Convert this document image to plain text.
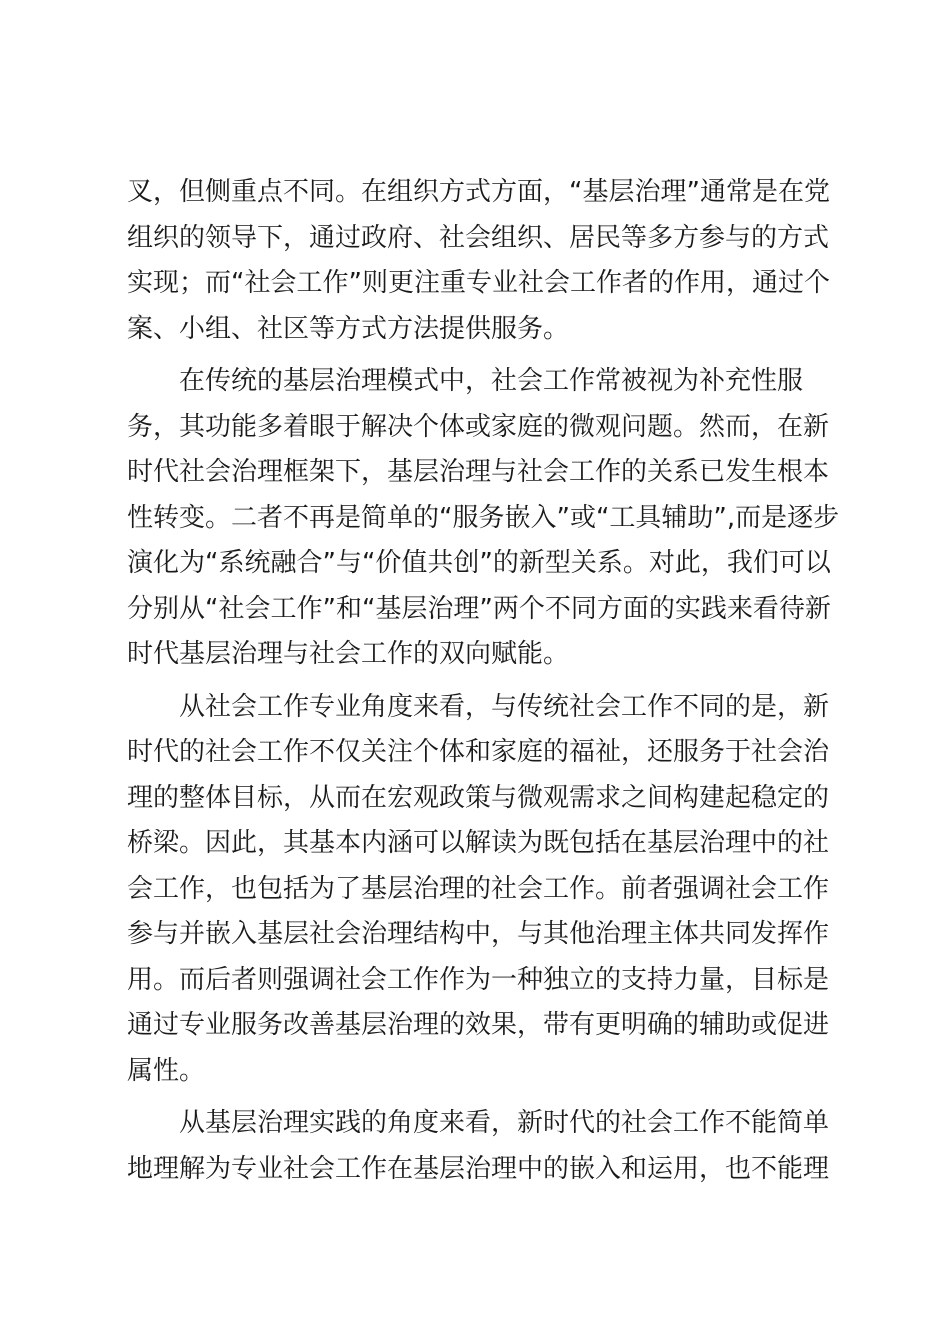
叉，但侧重点不同。在组织方式方面，“基层治理”通常是在党
组织的领导下，通过政府、社会组织、居民等多方参与的方式
实现；而“社会工作”则更注重专业社会工作者的作用，通过个
案、小组、社区等方式方法提供服务。
在传统的基层治理模式中，社会工作常被视为补充性服
务，其功能多着眼于解决个体或家庭的微观问题。然而，在新
时代社会治理框架下，基层治理与社会工作的关系已发生根本
性转变。二者不再是简单的“服务嵌入”或“工具辅助”,而是逐步
演化为“系统融合”与“价值共创”的新型关系。对此，我们可以
分别从“社会工作”和“基层治理”两个不同方面的实践来看待新
时代基层治理与社会工作的双向赋能。
从社会工作专业角度来看，与传统社会工作不同的是，新
时代的社会工作不仅关注个体和家庭的福祉，还服务于社会治
理的整体目标，从而在宏观政策与微观需求之间构建起稳定的
桥梁。因此，其基本内涵可以解读为既包括在基层治理中的社
会工作，也包括为了基层治理的社会工作。前者强调社会工作
参与并嵌入基层社会治理结构中，与其他治理主体共同发挥作
用。而后者则强调社会工作作为一种独立的支持力量，目标是
通过专业服务改善基层治理的效果，带有更明确的辅助或促进
属性。
从基层治理实践的角度来看，新时代的社会工作不能简单
地理解为专业社会工作在基层治理中的嵌入和运用，也不能理
